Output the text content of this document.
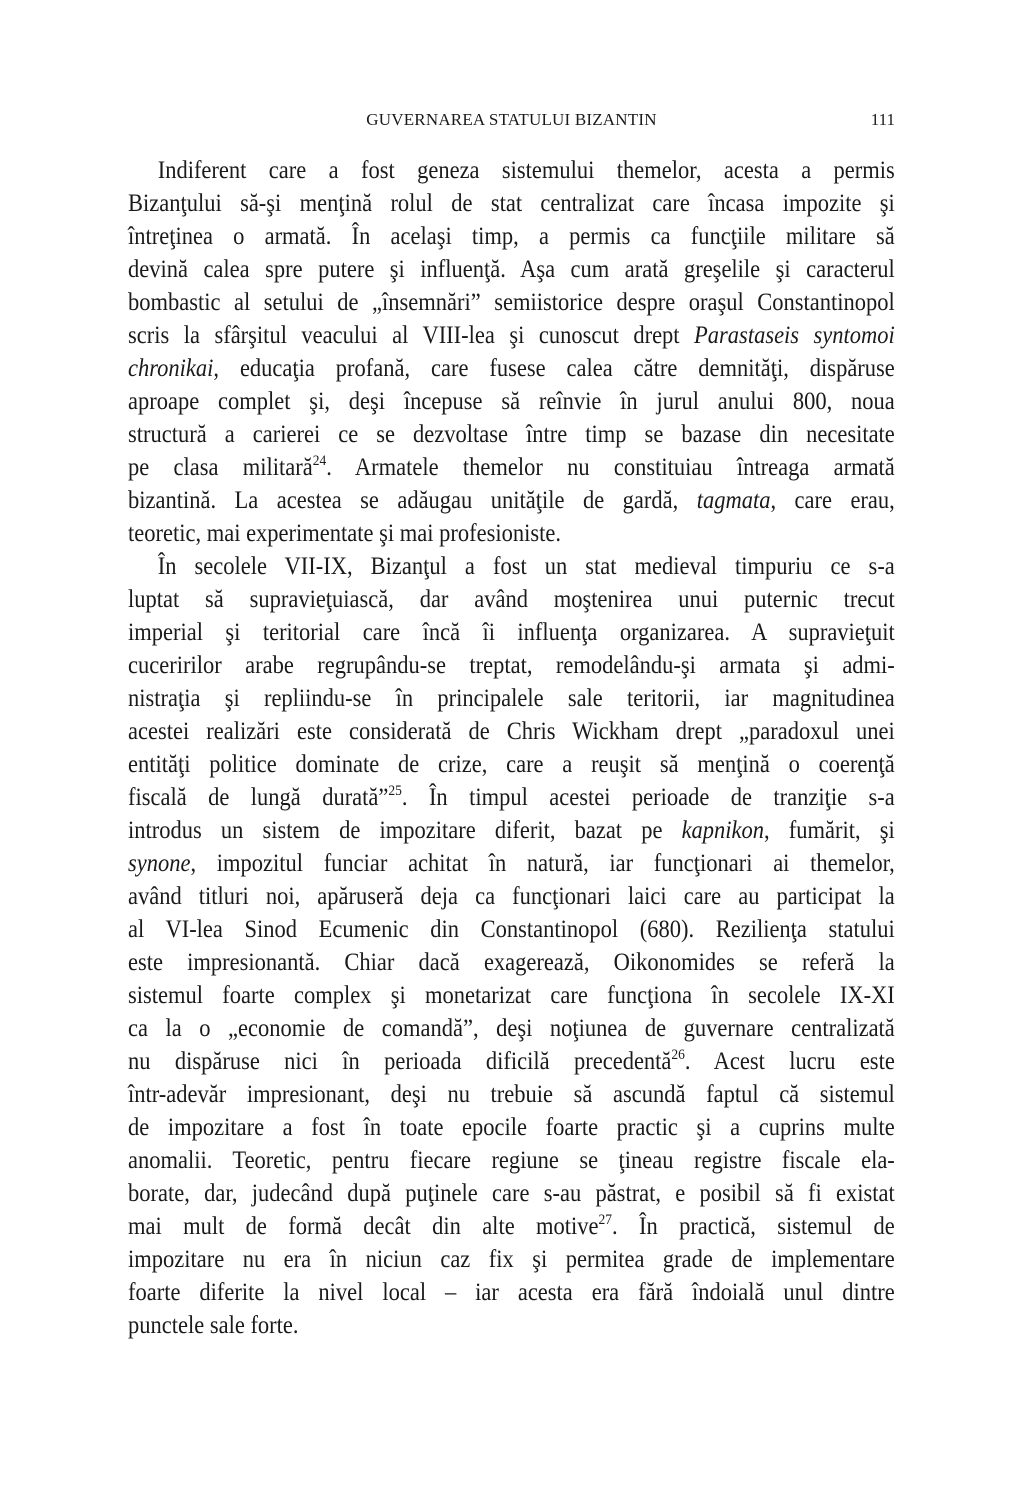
GUVERNAREA STATULUI BIZANTIN	111
Indiferent care a fost geneza sistemului themelor, acesta a permis
Bizanţului să-şi menţină rolul de stat centralizat care încasa impozite şi
întreţinea o armată. În acelaşi timp, a permis ca funcţiile militare să
devină calea spre putere şi influenţă. Aşa cum arată greşelile şi caracterul
bombastic al setului de „însemnări” semiistorice despre oraşul Constantinopol
scris la sfârşitul veacului al VIII-lea şi cunoscut drept Parastaseis syntomoi
chronikai, educaţia profană, care fusese calea către demnităţi, dispăruse
aproape complet şi, deşi începuse să reînvie în jurul anului 800, noua
structură a carierei ce se dezvoltase între timp se bazase din necesitate
pe clasa militară$^{24}$. Armatele themelor nu constituiau întreaga armată
bizantină. La acestea se adăugau unităţile de gardă, tagmata, care erau,
teoretic, mai experimentate şi mai profesioniste.
În secolele VII-IX, Bizanţul a fost un stat medieval timpuriu ce s-a
luptat să supravieţuiască, dar având moştenirea unui puternic trecut
imperial şi teritorial care încă îi influenţa organizarea. A supravieţuit
cuceririlor arabe regrupându-se treptat, remodelându-şi armata şi admi-
nistraţia şi repliindu-se în principalele sale teritorii, iar magnitudinea
acestei realizări este considerată de Chris Wickham drept „paradoxul unei
entităţi politice dominate de crize, care a reuşit să menţină o coerenţă
fiscală de lungă durată”$^{25}$. În timpul acestei perioade de tranziţie s-a
introdus un sistem de impozitare diferit, bazat pe kapnikon, fumărit, şi
synone, impozitul funciar achitat în natură, iar funcţionari ai themelor,
având titluri noi, apăruseră deja ca funcţionari laici care au participat la
al VI-lea Sinod Ecumenic din Constantinopol (680). Rezilienţa statului
este impresionantă. Chiar dacă exagerează, Oikonomides se referă la
sistemul foarte complex şi monetarizat care funcţiona în secolele IX-XI
ca la o „economie de comandă”, deşi noţiunea de guvernare centralizată
nu dispăruse nici în perioada dificilă precedentă$^{26}$. Acest lucru este
într-adevăr impresionant, deşi nu trebuie să ascundă faptul că sistemul
de impozitare a fost în toate epocile foarte practic şi a cuprins multe
anomalii. Teoretic, pentru fiecare regiune se ţineau registre fiscale ela-
borate, dar, judecând după puţinele care s-au păstrat, e posibil să fi existat
mai mult de formă decât din alte motive$^{27}$. În practică, sistemul de
impozitare nu era în niciun caz fix şi permitea grade de implementare
foarte diferite la nivel local – iar acesta era fără îndoială unul dintre
punctele sale forte.
